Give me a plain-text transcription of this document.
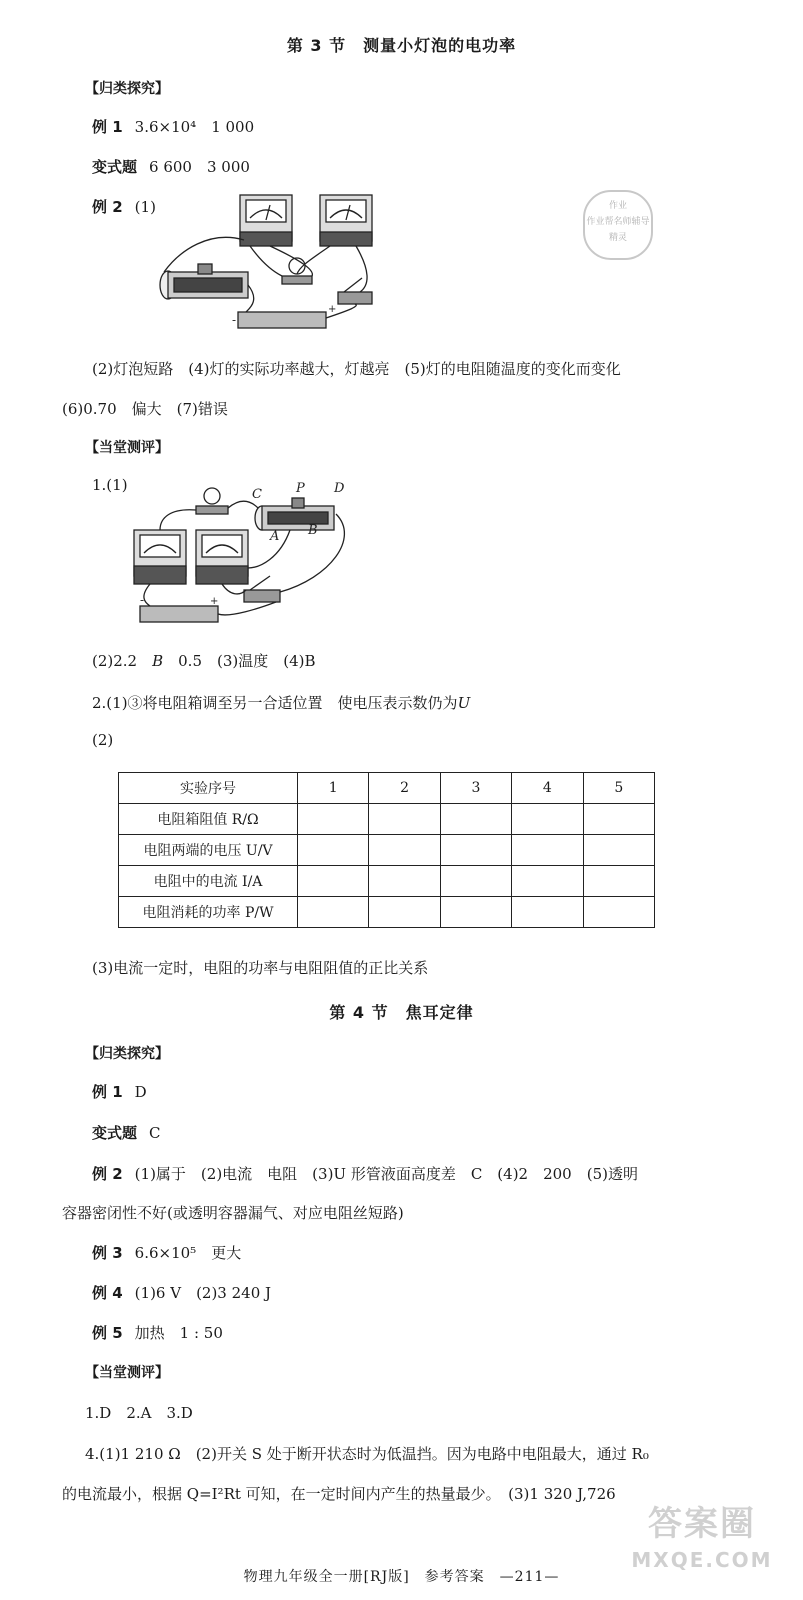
第 3 节　测量小灯泡的电功率
【归类探究】
例 1 3.6×10⁴　1 000
变式题 6 600　3 000
例 2 (1)
+
-
作业
作业帮名师辅导
精灵
(2)灯泡短路　(4)灯的实际功率越大，灯越亮　(5)灯的电阻随温度的变化而变化
(6)0.70　偏大　(7)错误
【当堂测评】
1.(1)
C	P D
A B
-	+
(2)2.2　B　0.5　(3)温度　(4)B
2.(1)③将电阻箱调至另一合适位置　使电压表示数仍为U
(2)
实验序号	1	2	3	4	5
电阻箱阻值 R/Ω					
电阻两端的电压 U/V					
电阻中的电流 I/A					
电阻消耗的功率 P/W					
(3)电流一定时，电阻的功率与电阻阻值的正比关系
第 4 节　焦耳定律
【归类探究】
例 1 D
变式题 C
例 2 (1)属于　(2)电流　电阻　(3)U 形管液面高度差　C　(4)2　200　(5)透明
容器密闭性不好(或透明容器漏气、对应电阻丝短路)
例 3 6.6×10⁵　更大
例 4 (1)6 V　(2)3 240 J
例 5 加热　1 : 50
【当堂测评】
1.D　2.A　3.D
4.(1)1 210 Ω　(2)开关 S 处于断开状态时为低温挡。因为电路中电阻最大，通过 R₀
的电流最小，根据 Q=I²Rt 可知，在一定时间内产生的热量最少。　(3)1 320 J,726
答案圈
MXQE.COM
物理九年级全一册[RJ版]　参考答案　—211—
